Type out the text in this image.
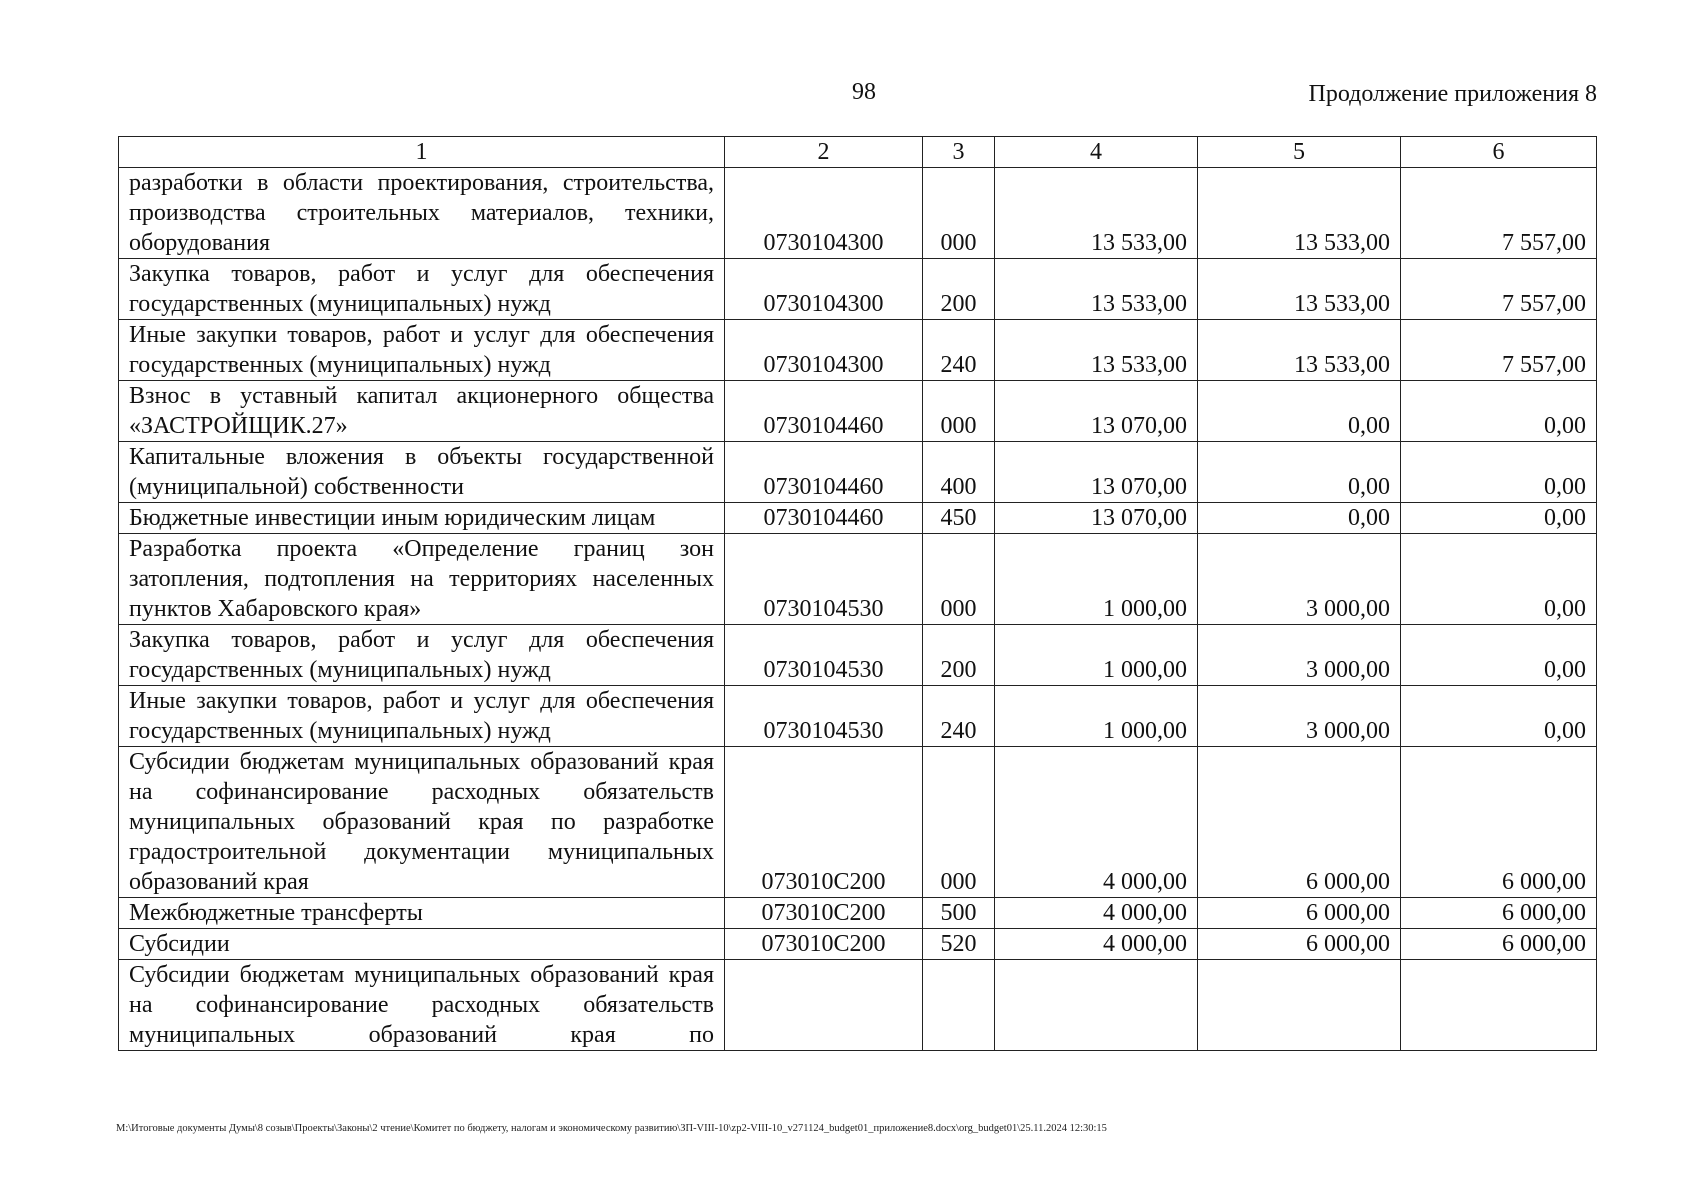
98	Продолжение приложения 8
1	2	3	4	5	6
разработки в области проектирования, строительства, производства строительных материалов, техники, оборудования	0730104300	000	13 533,00	13 533,00	7 557,00
Закупка товаров, работ и услуг для обеспечения государственных (муниципальных) нужд	0730104300	200	13 533,00	13 533,00	7 557,00
Иные закупки товаров, работ и услуг для обеспечения государственных (муниципальных) нужд	0730104300	240	13 533,00	13 533,00	7 557,00
Взнос в уставный капитал акционерного общества «ЗАСТРОЙЩИК.27»	0730104460	000	13 070,00	0,00	0,00
Капитальные вложения в объекты государственной (муниципальной) собственности	0730104460	400	13 070,00	0,00	0,00
Бюджетные инвестиции иным юридическим лицам	0730104460	450	13 070,00	0,00	0,00
Разработка проекта «Определение границ зон затопления, подтопления на территориях населенных пунктов Хабаровского края»	0730104530	000	1 000,00	3 000,00	0,00
Закупка товаров, работ и услуг для обеспечения государственных (муниципальных) нужд	0730104530	200	1 000,00	3 000,00	0,00
Иные закупки товаров, работ и услуг для обеспечения государственных (муниципальных) нужд	0730104530	240	1 000,00	3 000,00	0,00
Субсидии бюджетам муниципальных образований края на софинансирование расходных обязательств муниципальных образований края по разработке градостроительной документации муниципальных образований края	073010С200	000	4 000,00	6 000,00	6 000,00
Межбюджетные трансферты	073010С200	500	4 000,00	6 000,00	6 000,00
Субсидии	073010С200	520	4 000,00	6 000,00	6 000,00
Субсидии бюджетам муниципальных образований края на софинансирование расходных обязательств муниципальных образований края по					
M:\Итоговые документы Думы\8 созыв\Проекты\Законы\2 чтение\Комитет по бюджету, налогам и экономическому развитию\ЗП-VIII-10\zp2-VIII-10_v271124_budget01_приложение8.docx\org_budget01\25.11.2024 12:30:15
